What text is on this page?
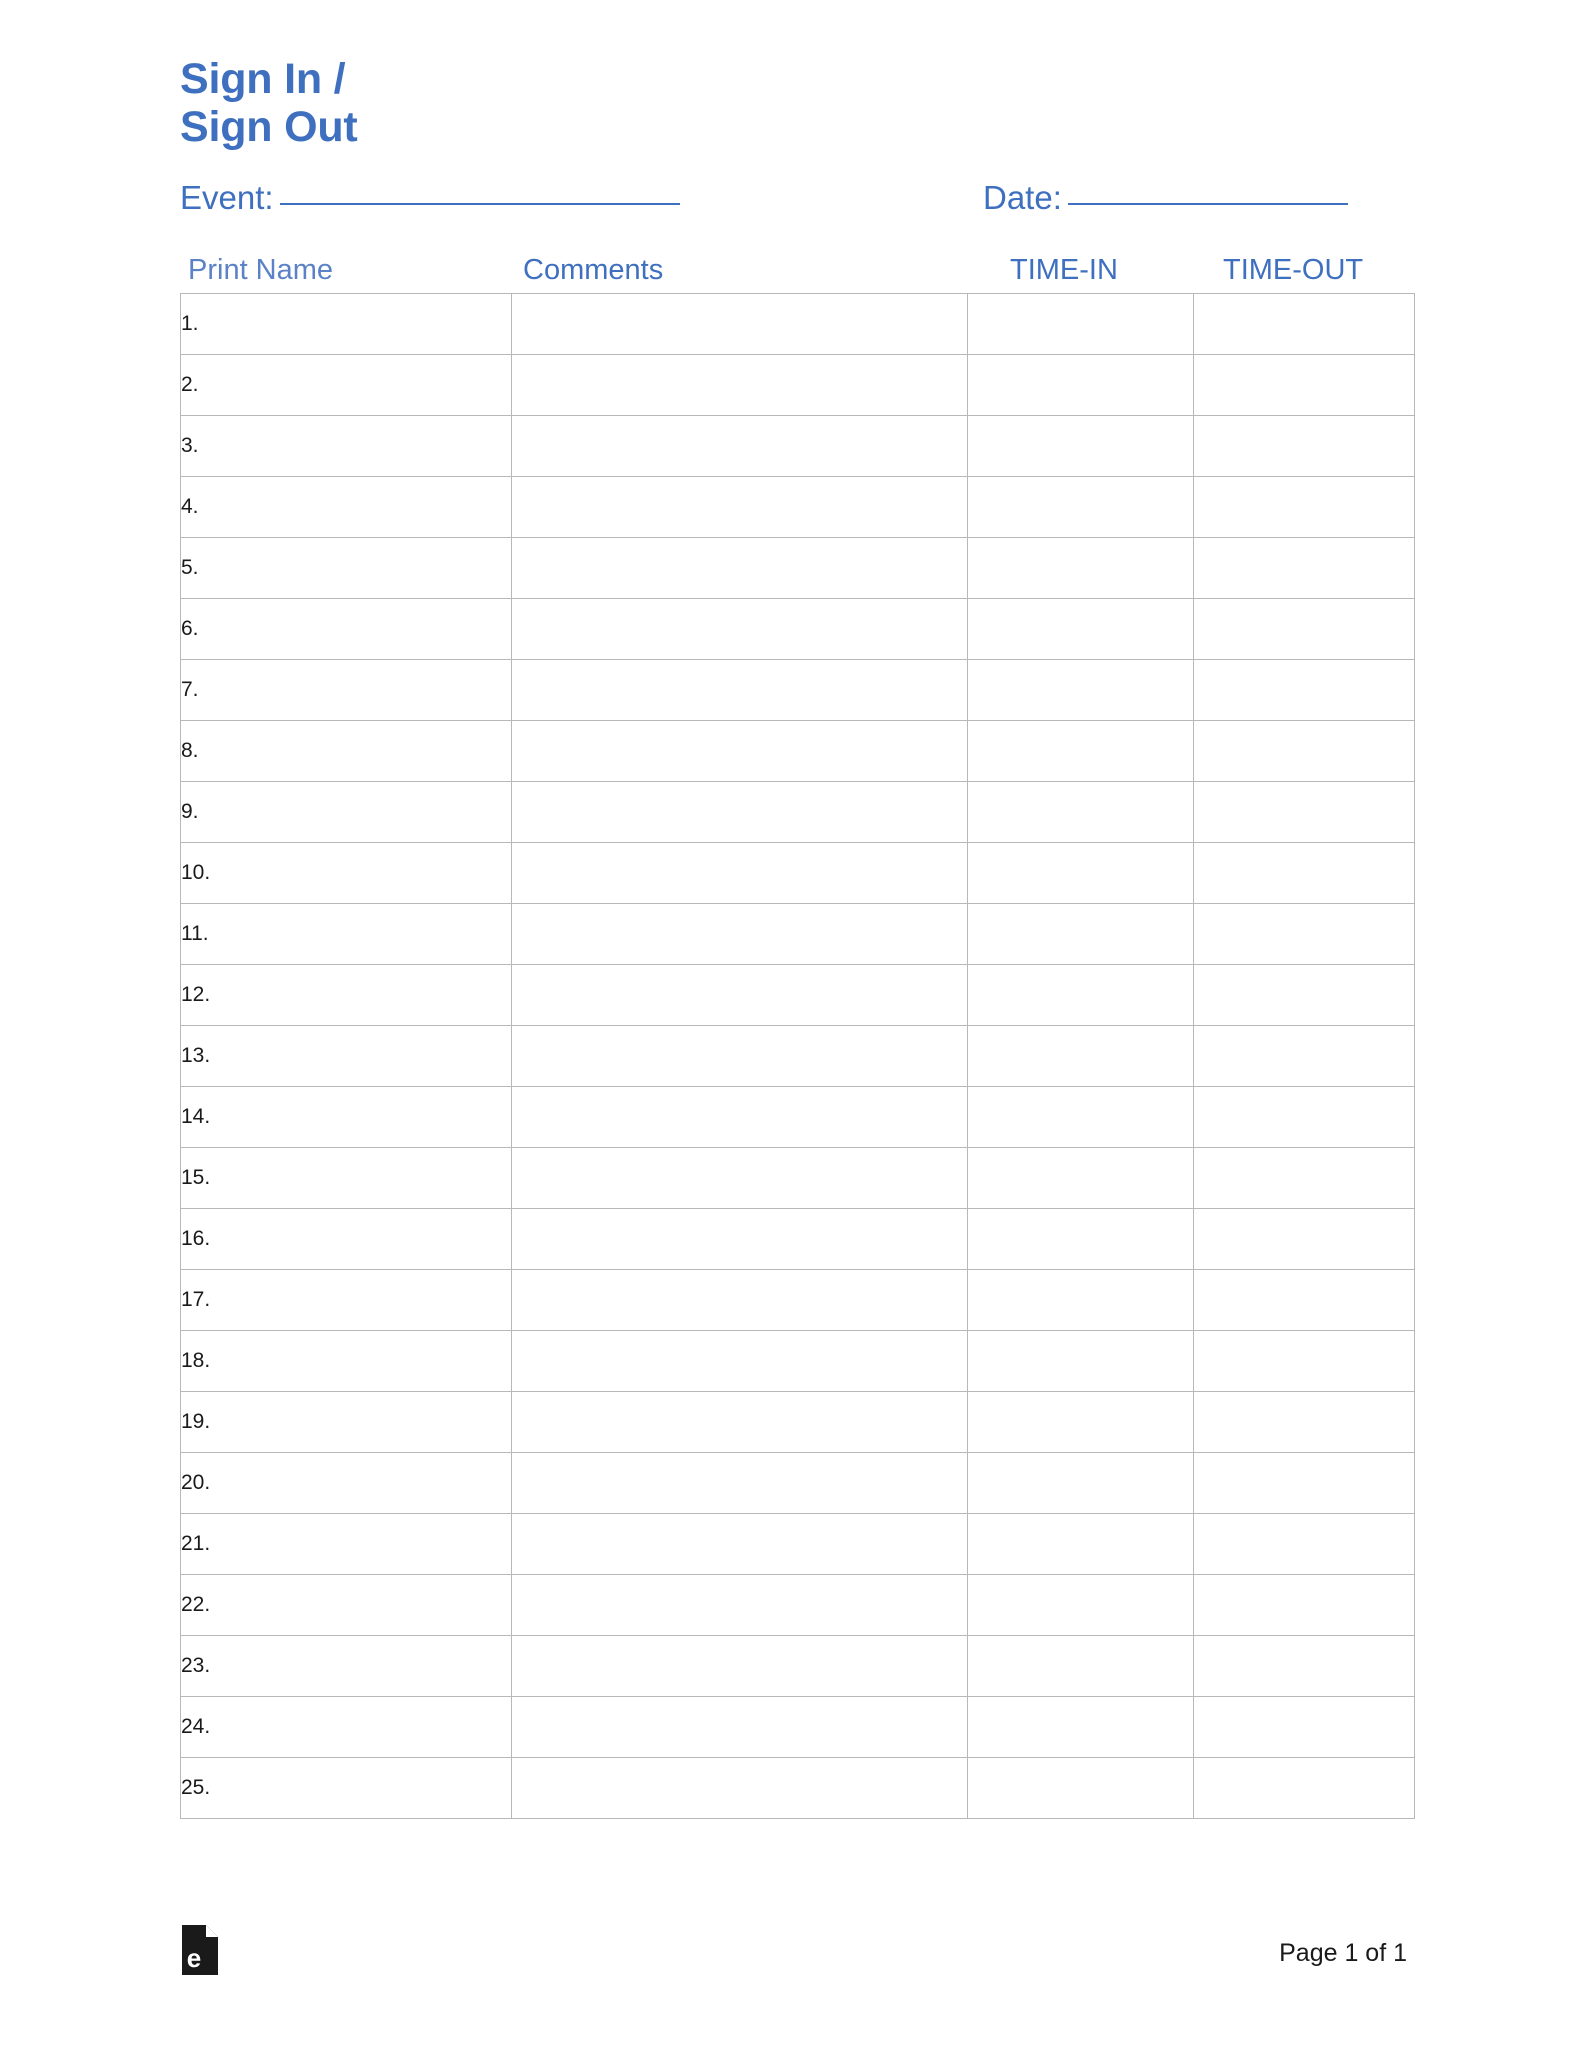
Sign In /
Sign Out
Event:	Date:
Print Name	Comments	TIME-IN	TIME-OUT
1.			
2.			
3.			
4.			
5.			
6.			
7.			
8.			
9.			
10.			
11.			
12.			
13.			
14.			
15.			
16.			
17.			
18.			
19.			
20.			
21.			
22.			
23.			
24.			
25.			
e	Page 1 of 1
